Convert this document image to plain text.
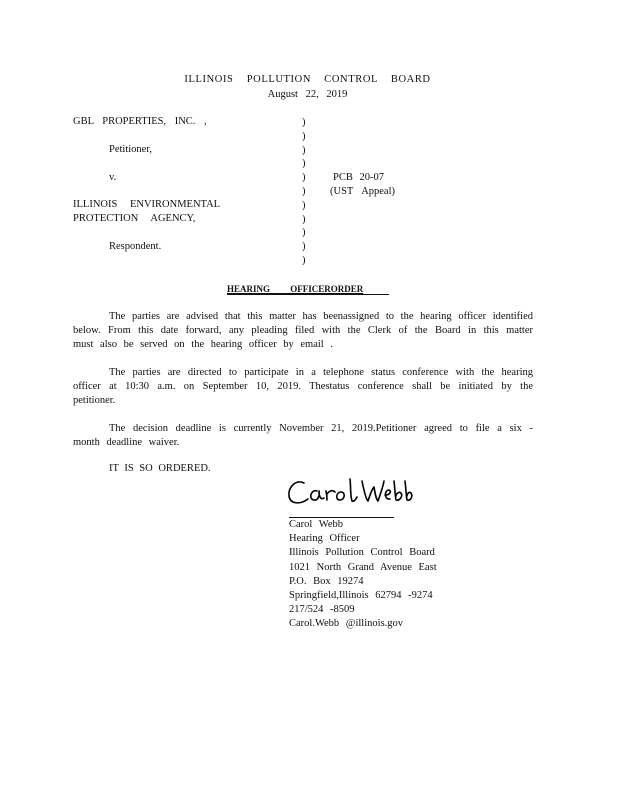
ILLINOIS POLLUTION CONTROL BOARD
August 22, 2019
GBL PROPERTIES, INC. ,
Petitioner,
v.
ILLINOIS ENVIRONMENTAL
PROTECTION AGENCY,
Respondent.
)
)
)
)
)
)
)
)
)
)
)
PCB 20-07
(UST Appeal)
HEARING OFFICERORDER
The parties are advised that this matter has beenassigned to the hearing officer identified below. From this date forward, any pleading filed with the Clerk of the Board in this matter must also be served on the hearing officer by email .
The parties are directed to participate in a telephone status conference with the hearing officer at 10:30 a.m. on September 10, 2019. Thestatus conference shall be initiated by the petitioner.
The decision deadline is currently November 21, 2019.Petitioner agreed to file a six - month deadline waiver.
IT IS SO ORDERED.
Carol Webb
Hearing Officer
Illinois Pollution Control Board
1021 North Grand Avenue East
P.O. Box 19274
Springfield,Illinois 62794 -9274
217/524 -8509
Carol.Webb @illinois.gov
